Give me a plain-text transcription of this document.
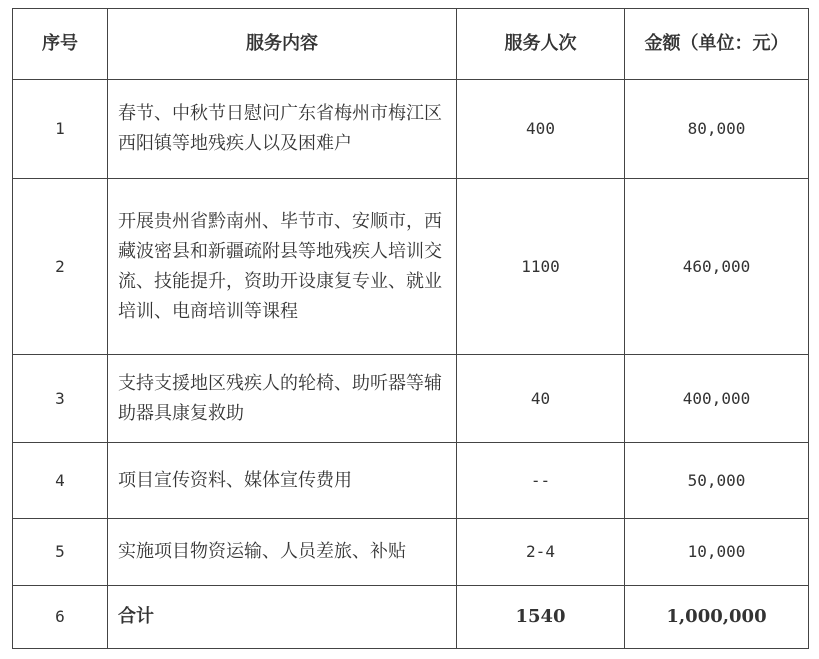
序号	服务内容	服务人次	金额（单位：元）
1	春节、中秋节日慰问广东省梅州市梅江区西阳镇等地残疾人以及困难户	400	80,000
2	开展贵州省黔南州、毕节市、安顺市，西藏波密县和新疆疏附县等地残疾人培训交流、技能提升，资助开设康复专业、就业培训、电商培训等课程	1100	460,000
3	支持支援地区残疾人的轮椅、助听器等辅助器具康复救助	40	400,000
4	项目宣传资料、媒体宣传费用	--	50,000
5	实施项目物资运输、人员差旅、补贴	2-4	10,000
6	合计	1540	1,000,000
